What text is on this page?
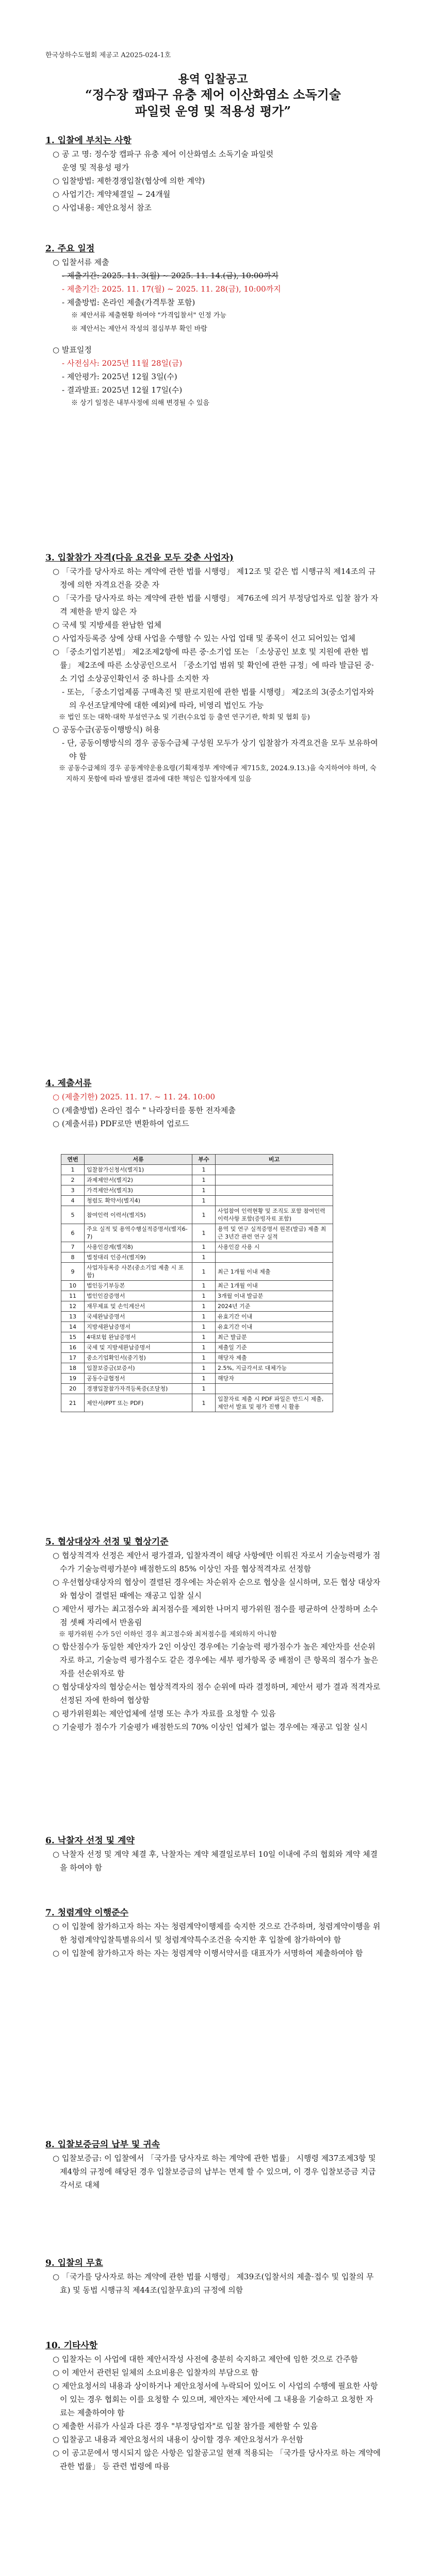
한국상하수도협회 제공고 A2025-024-1호
용역 입찰공고
“정수장 캡파구 유충 제어 이산화염소 소독기술
파일럿 운영 및 적용성 평가”
1. 입찰에 부치는 사항
○ 공 고 명: 정수장 캡파구 유충 제어 이산화염소 소독기술 파일럿
운영 및 적용성 평가
○ 입찰방법: 제한경쟁입찰(협상에 의한 계약)
○ 사업기간: 계약체결일 ~ 24개월
○ 사업내용: 제안요청서 참조
2. 주요 일정
○ 입찰서류 제출
- 제출기간: 2025. 11. 3(월) ~ 2025. 11. 14.(금), 10:00까지
- 제출기간: 2025. 11. 17(월) ~ 2025. 11. 28(금), 10:00까지
- 제출방법: 온라인 제출(가격투찰 포함)
※ 제안서류 제출현황 하여야 "가격입찰서" 인정 가능
※ 제안서는 제안서 작성의 점심부부 확인 바람
○ 발표일정
- 사전심사: 2025년 11월 28일(금)
- 제안평가: 2025년 12월 3일(수)
- 결과발표: 2025년 12월 17일(수)
※ 상기 일정은 내부사정에 의해 변경될 수 있음
3. 입찰참가 자격(다음 요건을 모두 갖춘 사업자)
○ 「국가를 당사자로 하는 계약에 관한 법률 시행령」 제12조 및 같은 법 시행규칙 제14조의 규정에 의한 자격요건을 갖춘 자
○ 「국가를 당사자로 하는 계약에 관한 법률 시행령」 제76조에 의거 부정당업자로 입찰 참가 자격 제한을 받지 않은 자
○ 국세 및 지방세를 완납한 업체
○ 사업자등록증 상에 상태 사업을 수행할 수 있는 사업 업태 및 종목이 선고 되어있는 업체
○ 「중소기업기본법」 제2조제2항에 따른 중·소기업 또는 「소상공인 보호 및 지원에 관한 법률」 제2조에 따른 소상공인으로서 「중소기업 범위 및 확인에 관한 규정」에 따라 발급된 중·소 기업 소상공인확인서 중 하나를 소지한 자
- 또는, 「중소기업제품 구매촉진 및 판로지원에 관한 법률 시행령」 제2조의 3(중소기업자와의 우선조달계약에 대한 예외)에 따라, 비영리 법인도 가능
※ 법인 또는 대학·대학 부설연구소 및 기관(수요업 등 출연 연구기관, 학회 및 협회 등)
○ 공동수급(공동이행방식) 허용
- 단, 공동이행방식의 경우 공동수급체 구성원 모두가 상기 입찰참가 자격요건을 모두 보유하여야 함
※ 공동수급체의 경우 공동계약운용요령(기획재정부 계약예규 제715호, 2024.9.13.)을 숙지하여야 하며, 숙지하지 못함에 따라 발생된 결과에 대한 책임은 입찰자에게 있음
4. 제출서류
○ (제출기한) 2025. 11. 17. ~ 11. 24. 10:00
○ (제출방법) 온라인 접수 " 나라장터를 통한 전자제출
○ (제출서류) PDF로만 변환하여 업로드
연번	서류	부수	비고
1	입찰참가신청서(별지1)	1	
2	과제제안서(별지2)	1	
3	가격제안서(별지3)	1	
4	청렴도 확약서(별지4)	1	
5	참여인력 이력서(별지5)	1	사업참여 인력현황 및 조직도 포함 참여인력 이력사항 포함(증빙자료 포함)
6	주요 실적 및 용역수행실적증명서(별지6-7)	1	용역 및 연구 실적증명서 원본(발급) 제출 최근 3년간 관련 연구 실적
7	사용인감계(별지8)	1	사용인감 사용 시
8	법정대리 인증서(별지9)	1	
9	사업자등록증 사본(중소기업 제출 시 포함)	1	최근 1개월 이내 제출
10	법인등기부등본	1	최근 1개월 이내
11	법인인감증명서	1	3개월 이내 발급분
12	재무제표 및 손익계산서	1	2024년 기준
13	국세완납증명서	1	유효기간 이내
14	지방세완납증명서	1	유효기간 이내
15	4대보험 완납증명서	1	최근 발급분
16	국세 및 지방세완납증명서	1	제출일 기준
17	중소기업확인서(중기청)	1	해당자 제출
18	입찰보증금(보증서)	1	2.5%, 지급각서로 대체가능
19	공동수급협정서	1	해당자
20	경쟁입찰참가자격등록증(조달청)	1	
21	제안서(PPT 또는 PDF)	1	입찰자료 제출 시 PDF 파일은 반드시 제출, 제안서 발표 및 평가 진행 시 활용
5. 협상대상자 선정 및 협상기준
○ 협상적격자 선정은 제안서 평가결과, 입찰자격이 해당 사항에만 이뤄진 자로서 기술능력평가 점수가 기술능력평가분야 배점한도의 85% 이상인 자를 협상적격자로 선정함
○ 우선협상대상자의 협상이 결렬된 경우에는 차순위자 순으로 협상을 실시하며, 모든 협상 대상자와 협상이 결렬된 때에는 재공고 입찰 실시
○ 제안서 평가는 최고점수와 최저점수를 제외한 나머지 평가위원 점수를 평균하여 산정하며 소수점 셋째 자리에서 반올림
※ 평가위원 수가 5인 이하인 경우 최고점수와 최저점수를 제외하지 아니함
○ 합산점수가 동일한 제안자가 2인 이상인 경우에는 기술능력 평가점수가 높은 제안자를 선순위자로 하고, 기술능력 평가점수도 같은 경우에는 세부 평가항목 중 배점이 큰 항목의 점수가 높은 자를 선순위자로 함
○ 협상대상자의 협상순서는 협상적격자의 점수 순위에 따라 결정하며, 제안서 평가 결과 적격자로 선정된 자에 한하여 협상함
○ 평가위원회는 제안업체에 설명 또는 추가 자료를 요청할 수 있음
○ 기술평가 점수가 기술평가 배점한도의 70% 이상인 업체가 없는 경우에는 재공고 입찰 실시
6. 낙찰자 선정 및 계약
○ 낙찰자 선정 및 계약 체결 후, 낙찰자는 계약 체결일로부터 10일 이내에 주의 협회와 계약 체결을 하여야 함
7. 청렴계약 이행준수
○ 이 입찰에 참가하고자 하는 자는 청렴계약이행제를 숙지한 것으로 간주하며, 청렴계약이행을 위한 청렴계약입찰특별유의서 및 청렴계약특수조건을 숙지한 후 입찰에 참가하여야 함
○ 이 입찰에 참가하고자 하는 자는 청렴계약 이행서약서를 대표자가 서명하여 제출하여야 함
8. 입찰보증금의 납부 및 귀속
○ 입찰보증금: 이 입찰에서 「국가를 당사자로 하는 계약에 관한 법률」 시행령 제37조제3항 및 제4항의 규정에 해당된 경우 입찰보증금의 납부는 면제 할 수 있으며, 이 경우 입찰보증금 지급각서로 대체
9. 입찰의 무효
○ 「국가를 당사자로 하는 계약에 관한 법률 시행령」 제39조(입찰서의 제출·접수 및 입찰의 무효) 및 동법 시행규칙 제44조(입찰무효)의 규정에 의함
10. 기타사항
○ 입찰자는 이 사업에 대한 제안서작성 사전에 충분히 숙지하고 제안에 임한 것으로 간주함
○ 이 제안서 관련된 일체의 소요비용은 입찰자의 부담으로 함
○ 제안요청서의 내용과 상이하거나 제안요청서에 누락되어 있어도 이 사업의 수행에 필요한 사항이 있는 경우 협회는 이를 요청할 수 있으며, 제안자는 제안서에 그 내용을 기술하고 요청한 자료는 제출하여야 함
○ 제출한 서류가 사실과 다른 경우 "부정당업자"로 입찰 참가를 제한할 수 있음
○ 입찰공고 내용과 제안요청서의 내용이 상이할 경우 제안요청서가 우선함
○ 이 공고문에서 명시되지 않은 사항은 입찰공고일 현재 적용되는 「국가를 당사자로 하는 계약에 관한 법률」 등 관련 법령에 따름
